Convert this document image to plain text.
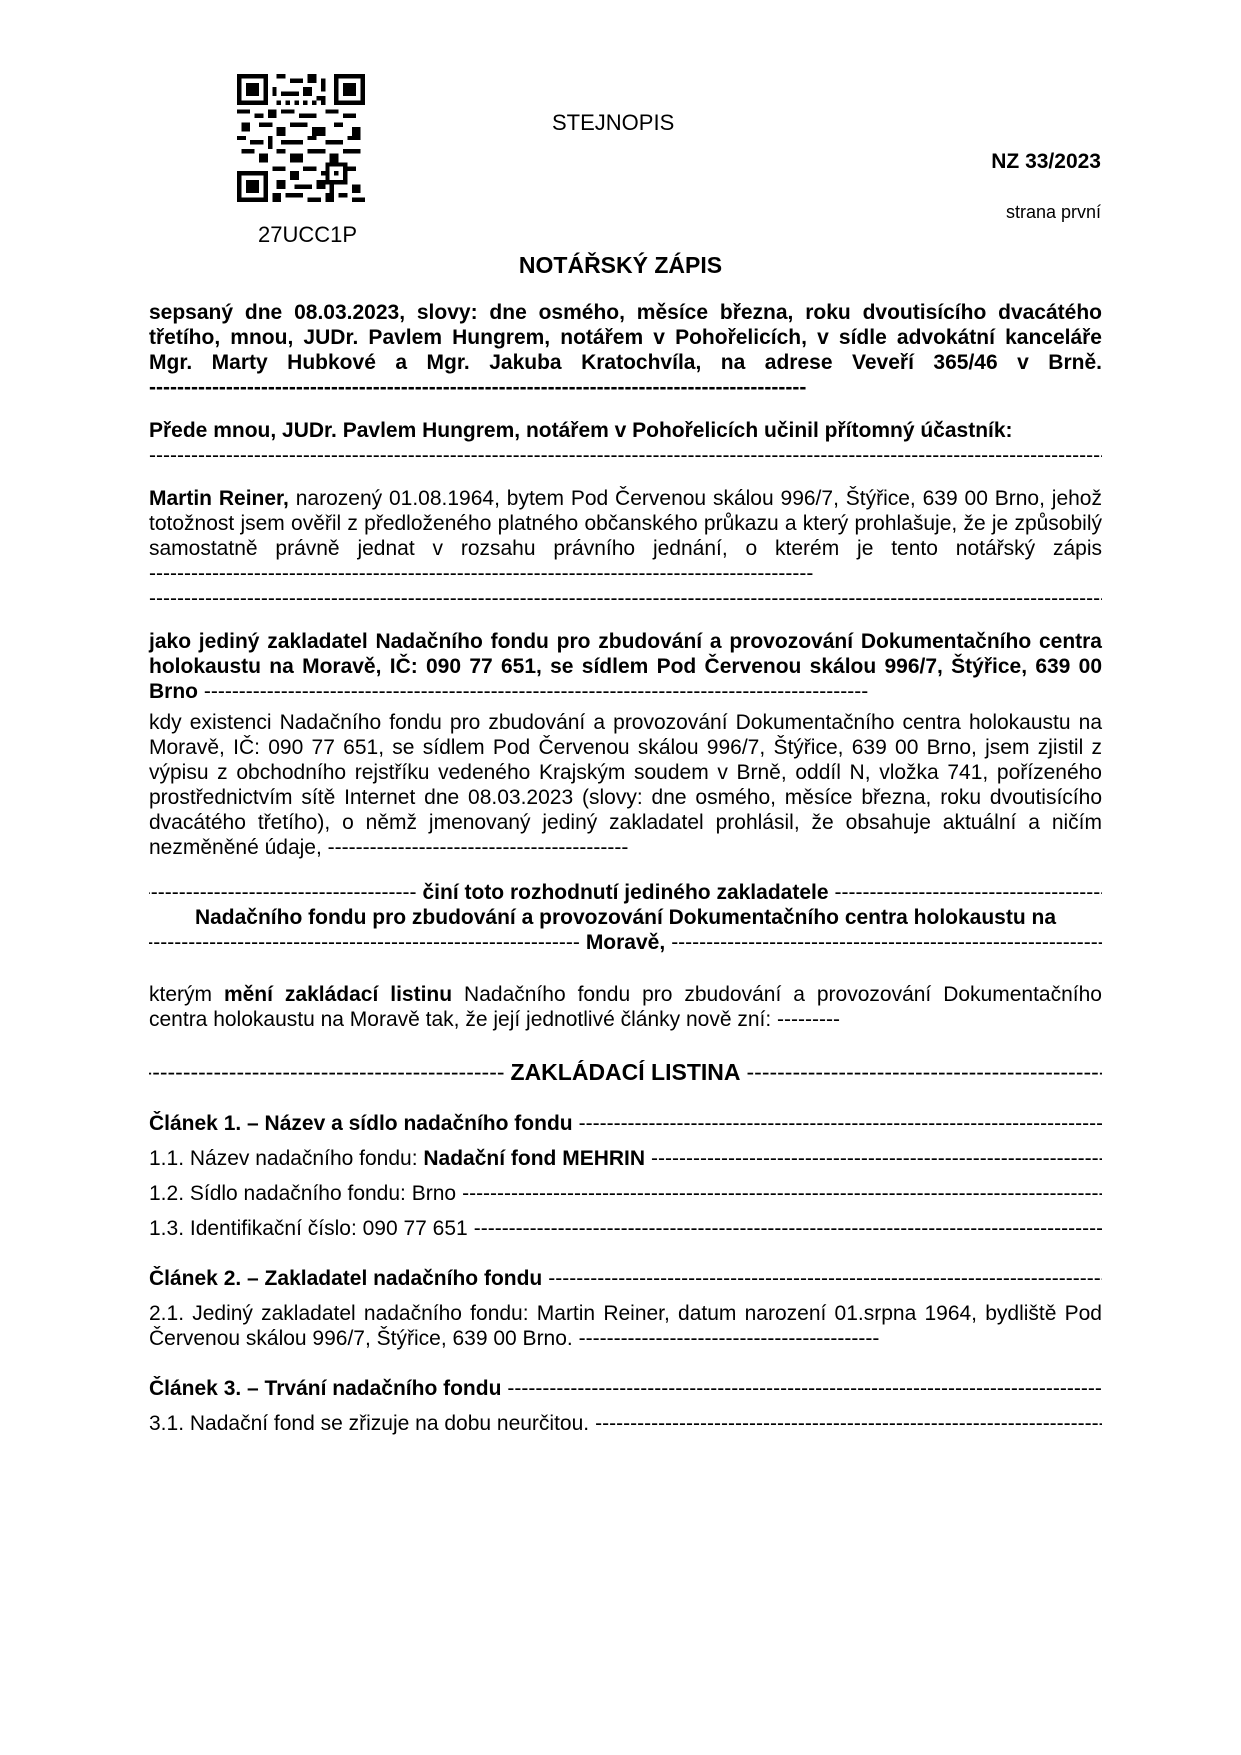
27UCC1P
STEJNOPIS
NZ 33/2023
strana první
NOTÁŘSKÝ ZÁPIS

sepsaný dne 08.03.2023, slovy: dne osmého, měsíce března, roku dvoutisícího dvacátého třetího, mnou, JUDr. Pavlem Hungrem, notářem v Pohořelicích, v sídle advokátní kanceláře Mgr. Marty Hubkové a Mgr. Jakuba Kratochvíla, na adrese Veveří 365/46 v Brně. ----------------------------------------------------------------------------------------------

Přede mnou, JUDr. Pavlem Hungrem, notářem v Pohořelicích učinil přítomný účastník:

-----

Martin Reiner, narozený 01.08.1964, bytem Pod Červenou skálou 996/7, Štýřice, 639 00 Brno, jehož totožnost jsem ověřil z předloženého platného občanského průkazu a který prohlašuje, že je způsobilý samostatně právně jednat v rozsahu právního jednání, o kterém je tento notářský zápis -----------------------------------------------------------------------------------------------

-----

jako jediný zakladatel Nadačního fondu pro zbudování a provozování Dokumentačního centra holokaustu na Moravě, IČ: 090 77 651, se sídlem Pod Červenou skálou 996/7, Štýřice, 639 00 Brno -----------------------------------------------------------------------------------------------

kdy existenci Nadačního fondu pro zbudování a provozování Dokumentačního centra holokaustu na Moravě, IČ: 090 77 651, se sídlem Pod Červenou skálou 996/7, Štýřice, 639 00 Brno, jsem zjistil z výpisu z obchodního rejstříku vedeného Krajským soudem v Brně, oddíl N, vložka 741, pořízeného prostřednictvím sítě Internet dne 08.03.2023 (slovy: dne osmého, měsíce března, roku dvoutisícího dvacátého třetího), o němž jmenovaný jediný zakladatel prohlásil, že obsahuje aktuální a ničím nezměněné údaje, -------------------------------------------

-----
činí toto rozhodnutí jediného zakladatele
-----

Nadačního fondu pro zbudování a provozování Dokumentačního centra holokaustu na

-----
Moravě,
-----

kterým mění zakládací listinu Nadačního fondu pro zbudování a provozování Dokumentačního centra holokaustu na Moravě tak, že její jednotlivé články nově zní: ---------

-----
ZAKLÁDACÍ LISTINA
-----
Článek 1. – Název a sídlo nadačního fondu
-----
1.1. Název nadačního fondu: Nadační fond MEHRIN
-----
1.2. Sídlo nadačního fondu: Brno
-----
1.3. Identifikační číslo: 090 77 651
-----
Článek 2. – Zakladatel nadačního fondu
-----

2.1. Jediný zakladatel nadačního fondu: Martin Reiner, datum narození 01.srpna 1964, bydliště Pod Červenou skálou 996/7, Štýřice, 639 00 Brno. -------------------------------------------

Článek 3. – Trvání nadačního fondu
-----
3.1. Nadační fond se zřizuje na dobu neurčitou.
-----
